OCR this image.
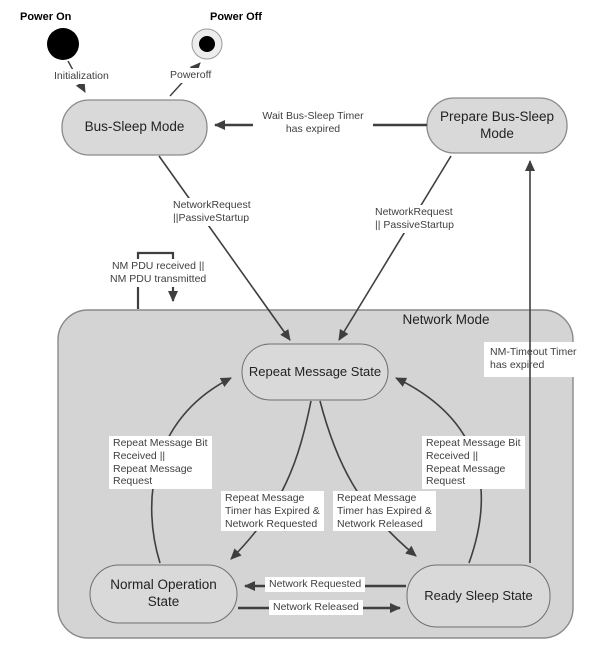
Power On	Power Off
Bus-Sleep Mode
Prepare Bus-Sleep
Mode
Network Mode
Repeat Message State
Normal Operation
State	Ready Sleep State
Initialization	Poweroff
Wait Bus-Sleep Timer
has expired
NetworkRequest
||PassiveStartup	NetworkRequest
|| PassiveStartup
NM PDU received ||
NM PDU transmitted
NM-Timeout Timer
has expired
Repeat Message Bit
Received ||
Repeat Message
Request
Repeat Message Bit
Received ||
Repeat Message
Request
Repeat Message
Timer has Expired &
Network Requested
Repeat Message
Timer has Expired &
Network Released
Network Requested
Network Released
